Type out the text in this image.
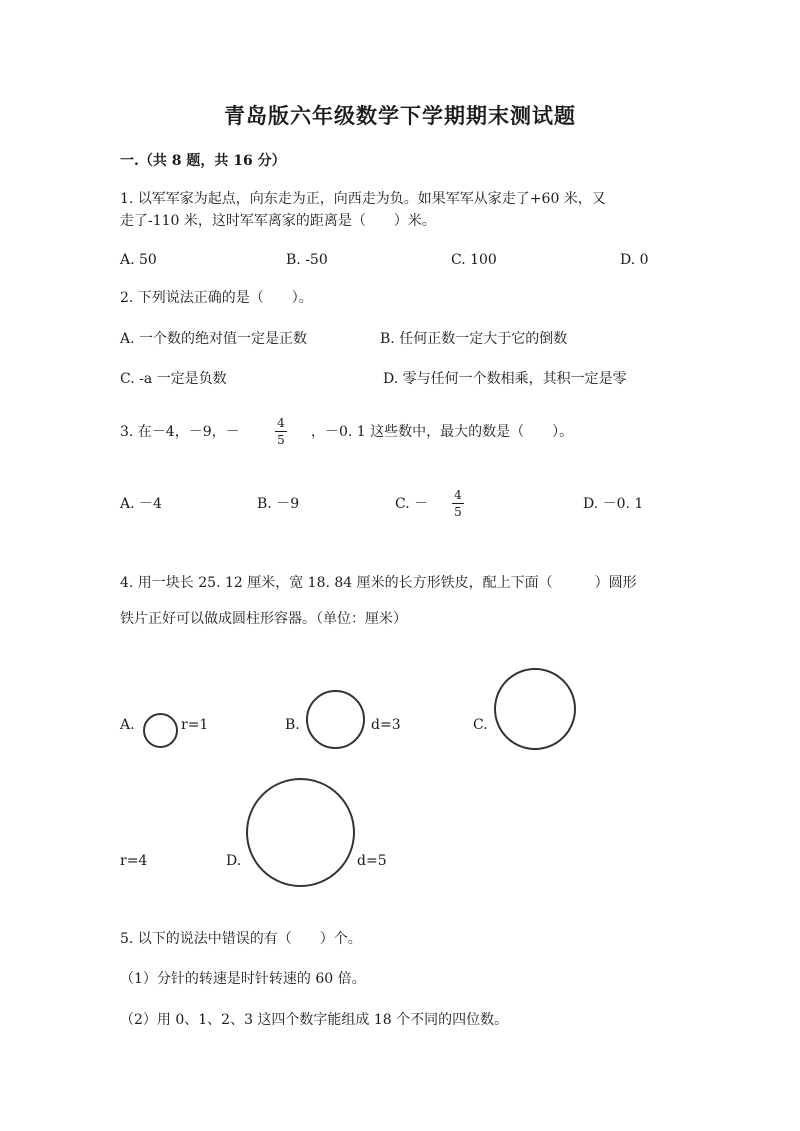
青岛版六年级数学下学期期末测试题
一.（共 8 题，共 16 分）
1. 以军军家为起点，向东走为正，向西走为负。如果军军从家走了+60 米，又
走了-110 米，这时军军离家的距离是（　　）米。
A. 50	B. -50	C. 100	D. 0
2. 下列说法正确的是（　　）。
A. 一个数的绝对值一定是正数	B. 任何正数一定大于它的倒数
C. -a 一定是负数	D. 零与任何一个数相乘，其积一定是零
3. 在－4，－9，－
4
5 ，－0. 1 这些数中，最大的数是（　　）。
A. －4	B. －9	C. －
4
5	D. －0. 1
4. 用一块长 25. 12 厘米，宽 18. 84 厘米的长方形铁皮，配上下面（　　　）圆形
铁片正好可以做成圆柱形容器。（单位：厘米）
A.	r=1	B.	d=3	C.
r=4	D.	d=5
5. 以下的说法中错误的有（　　）个。
（1）分针的转速是时针转速的 60 倍。
（2）用 0、1、2、3 这四个数字能组成 18 个不同的四位数。
